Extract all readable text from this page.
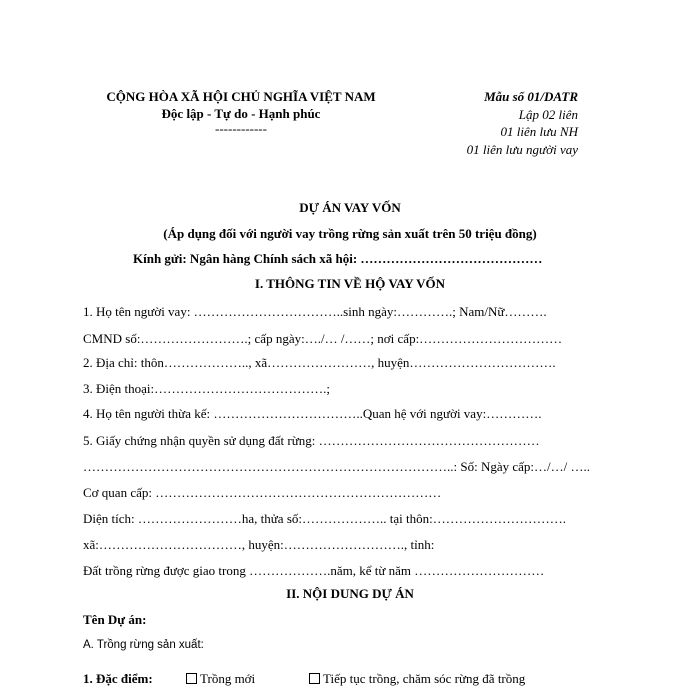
CỘNG HÒA XÃ HỘI CHỦ NGHĨA VIỆT NAM
Độc lập - Tự do - Hạnh phúc
------------
Mẫu số 01/DATR
Lập 02 liên
01 liên lưu NH
01 liên lưu người vay
DỰ ÁN VAY VỐN
(Áp dụng đối với người vay trồng rừng sản xuất trên 50 triệu đồng)
Kính gửi: Ngân hàng Chính sách xã hội: ……………………………………
I. THÔNG TIN VỀ HỘ VAY VỐN
1. Họ tên người vay: ……………………………..sinh ngày:………….; Nam/Nữ……….
CMND số:…………………….; cấp ngày:…./… /……; nơi cấp:……………………………
2. Địa chỉ: thôn……………….., xã……………………, huyện…………………………….
3. Điện thoại:………………………………….;
4. Họ tên người thừa kế: ……………………………..Quan hệ với người vay:………….
5. Giấy chứng nhận quyền sử dụng đất rừng: ……………………………………………
…………………………………………………………………………..: Số: Ngày cấp:…/…/ …..
Cơ quan cấp: …………………………………………………………
Diện tích: ……………………ha, thửa số:……………….. tại thôn:………………………….
xã:……………………………, huyện:………………………., tỉnh:
Đất trồng rừng được giao trong ……………….năm, kể từ năm …………………………
II. NỘI DUNG DỰ ÁN
Tên Dự án:
A. Trồng rừng sản xuất:
1. Đặc điểm:	Trồng mới	Tiếp tục trồng, chăm sóc rừng đã trồng
